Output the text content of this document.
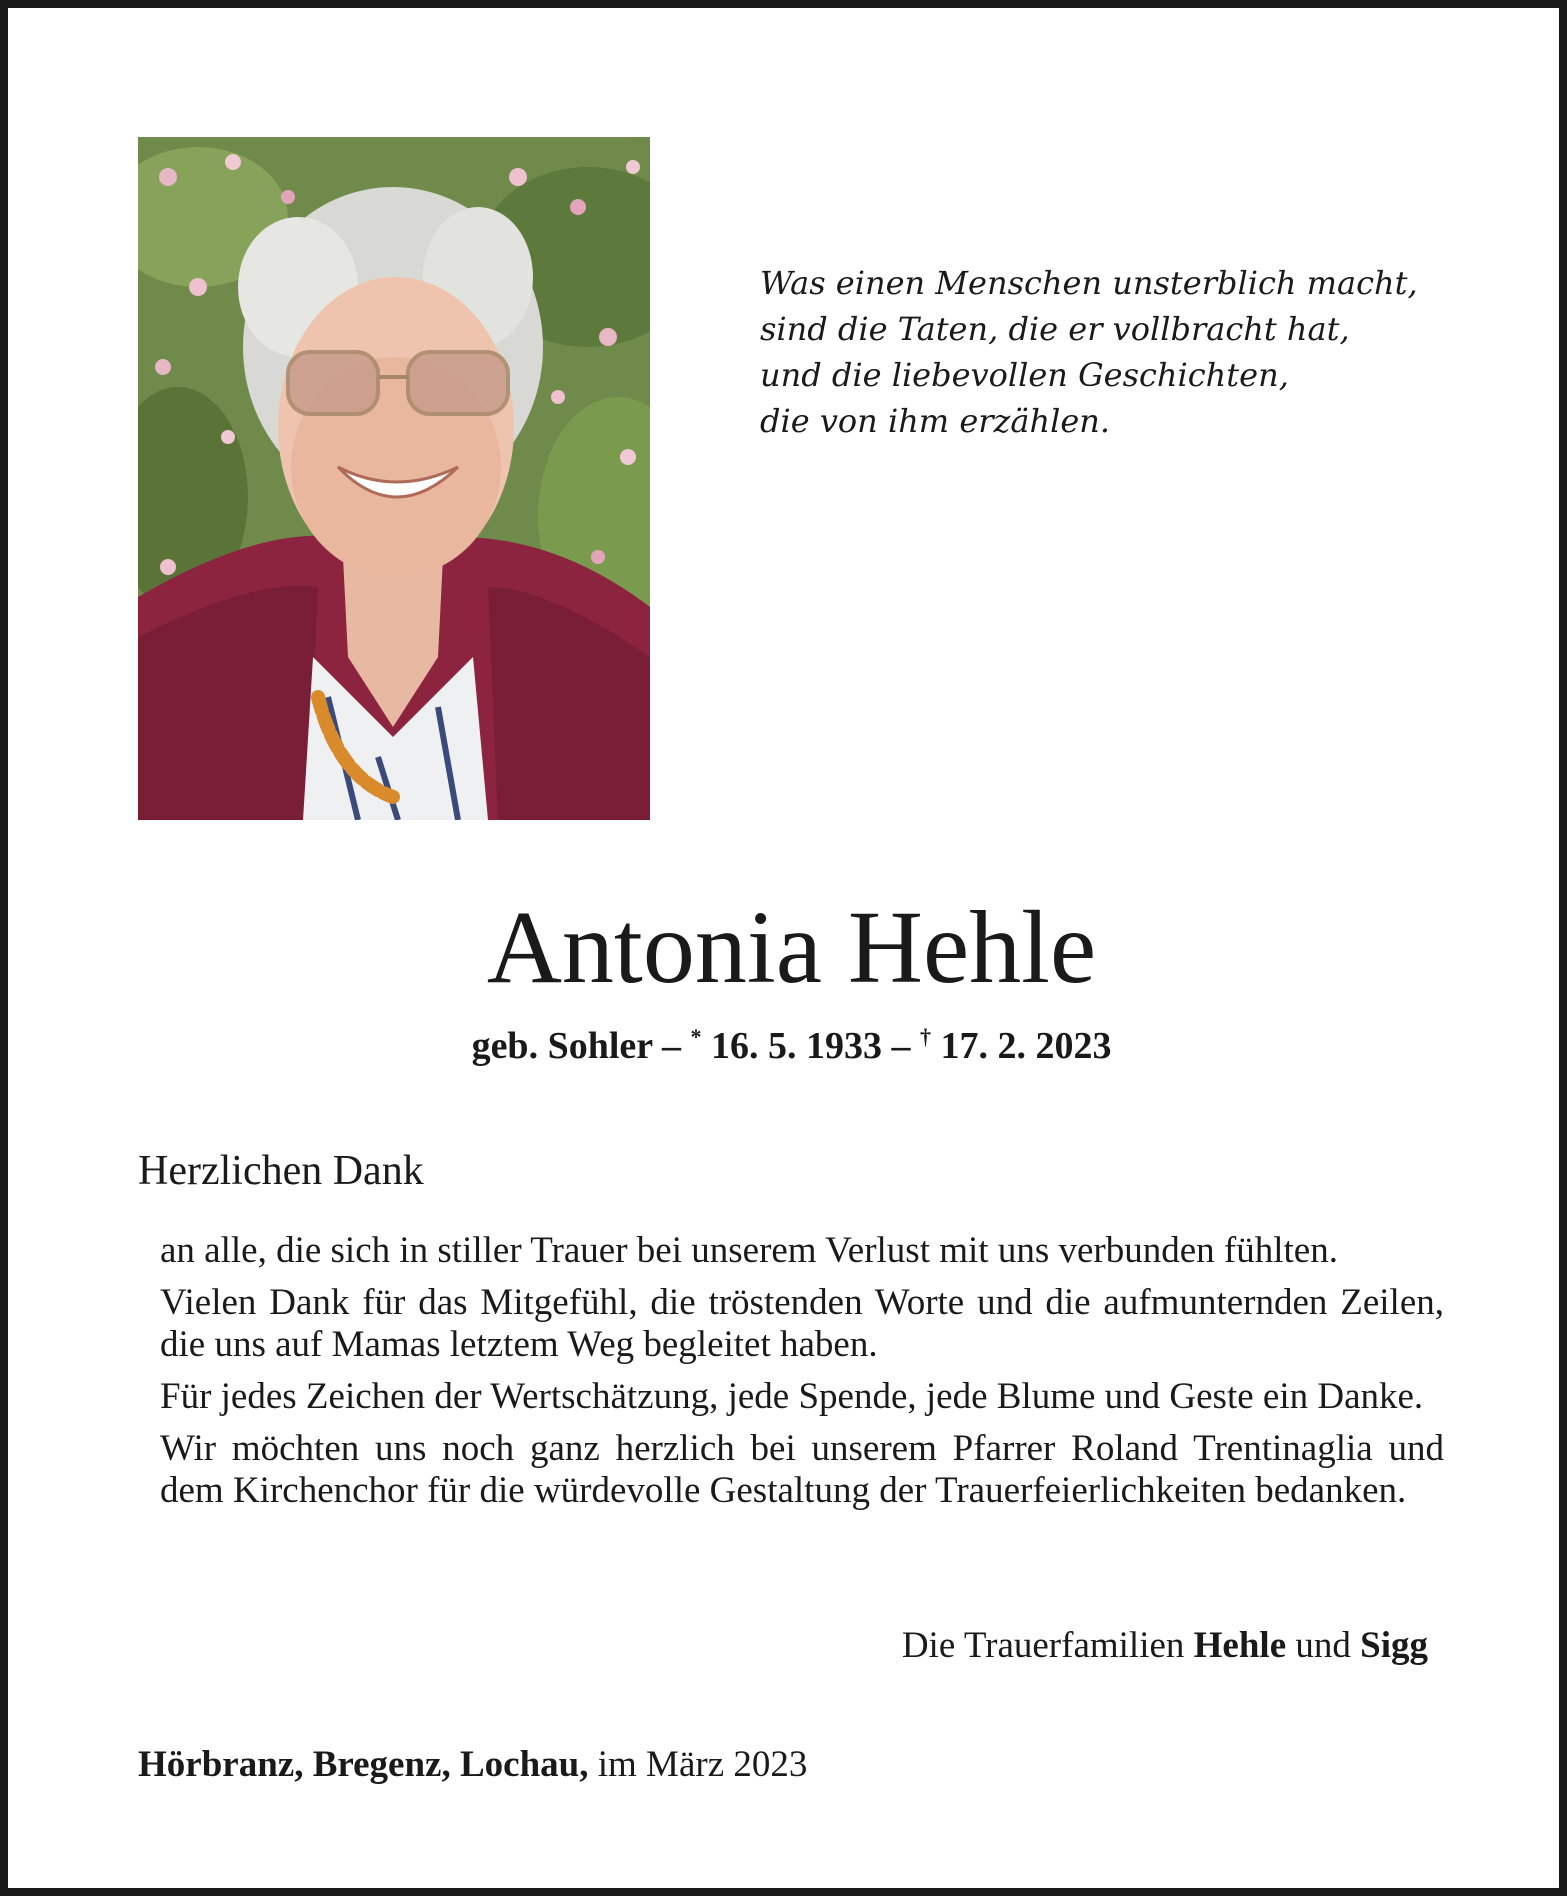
Was einen Menschen unsterblich macht,
sind die Taten, die er vollbracht hat,
und die liebevollen Geschichten,
die von ihm erzählen.
Antonia Hehle
geb. Sohler – * 16. 5. 1933 – † 17. 2. 2023
Herzlichen Dank

an alle, die sich in stiller Trauer bei unserem Verlust mit uns verbunden fühlten.

Vielen Dank für das Mitgefühl, die tröstenden Worte und die aufmunternden Zeilen, die uns auf Mamas letztem Weg begleitet haben.

Für jedes Zeichen der Wertschätzung, jede Spende, jede Blume und Geste ein Danke.

Wir möchten uns noch ganz herzlich bei unserem Pfarrer Roland Trentinaglia und dem Kirchenchor für die würdevolle Gestaltung der Trauerfeierlichkeiten bedanken.

Die Trauerfamilien Hehle und Sigg
Hörbranz, Bregenz, Lochau, im März 2023
